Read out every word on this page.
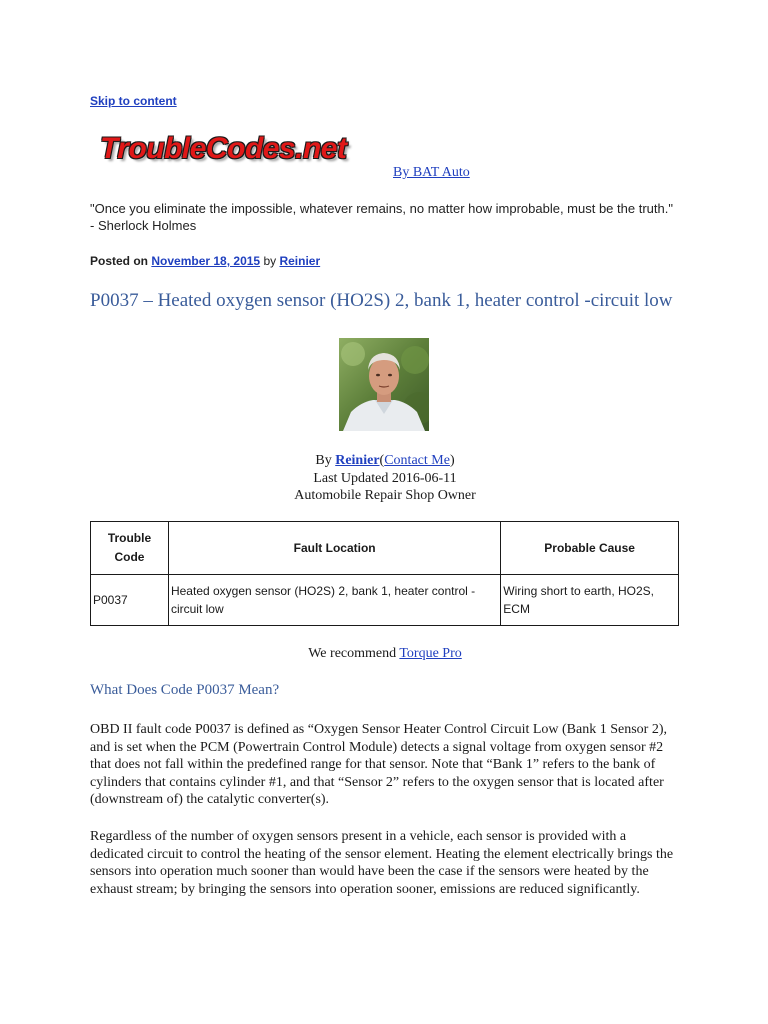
Skip to content
TroubleCodes.net
By BAT Auto
"Once you eliminate the impossible, whatever remains, no matter how improbable, must be the truth." - Sherlock Holmes
Posted on November 18, 2015 by Reinier
P0037 – Heated oxygen sensor (HO2S) 2, bank 1, heater control -circuit low
By Reinier(Contact Me)
Last Updated 2016-06-11
Automobile Repair Shop Owner
Trouble Code	Fault Location	Probable Cause
P0037	Heated oxygen sensor (HO2S) 2, bank 1, heater control -circuit low	Wiring short to earth, HO2S, ECM
We recommend Torque Pro
What Does Code P0037 Mean?

OBD II fault code P0037 is defined as “Oxygen Sensor Heater Control Circuit Low (Bank 1 Sensor 2), and is set when the PCM (Powertrain Control Module) detects a signal voltage from oxygen sensor #2 that does not fall within the predefined range for that sensor. Note that “Bank 1” refers to the bank of cylinders that contains cylinder #1, and that “Sensor 2” refers to the oxygen sensor that is located after (downstream of) the catalytic converter(s).

Regardless of the number of oxygen sensors present in a vehicle, each sensor is provided with a dedicated circuit to control the heating of the sensor element. Heating the element electrically brings the sensors into operation much sooner than would have been the case if the sensors were heated by the exhaust stream; by bringing the sensors into operation sooner, emissions are reduced significantly.
